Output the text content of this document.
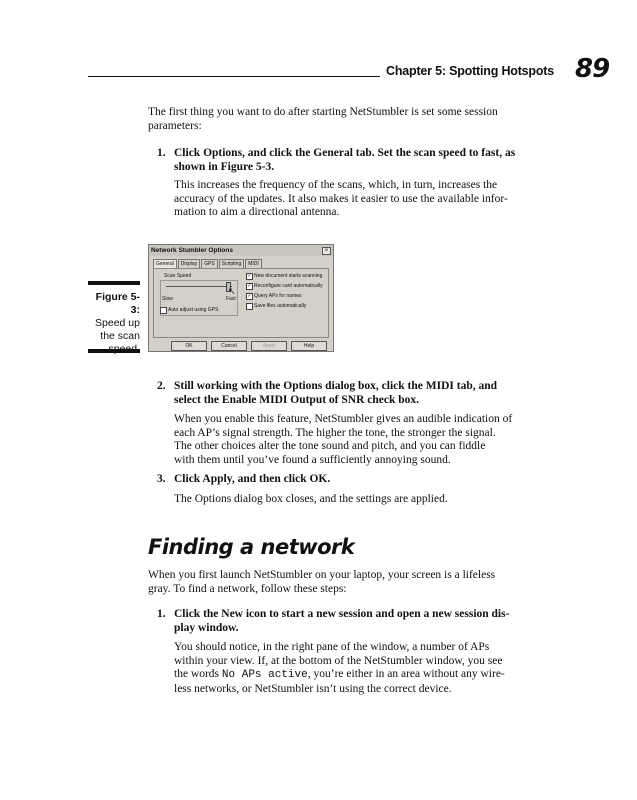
Chapter 5: Spotting Hotspots 89

The first thing you want to do after starting NetStumbler is set some session

parameters:

1. Click Options, and click the General tab. Set the scan speed to fast, as

shown in Figure 5-3.

This increases the frequency of the scans, which, in turn, increases the

accuracy of the updates. It also makes it easier to use the available infor-

mation to aim a directional antenna.

Figure 5-3:
Speed up
the scan
Network Stumbler Options	×
General	Display	GPS	Scripting	MIDI
Scan Speed
Slow	Fast
↖
Auto adjust using GPS
✓ New document starts scanning
✓ Reconfigure card automatically
✓ Query APs for names
Save files automatically
OK	Cancel	Apply	Help
2. Still working with the Options dialog box, click the MIDI tab, and

select the Enable MIDI Output of SNR check box.

When you enable this feature, NetStumbler gives an audible indication of

each AP’s signal strength. The higher the tone, the stronger the signal.

The other choices alter the tone sound and pitch, and you can fiddle

with them until you’ve found a sufficiently annoying sound.

3. Click Apply, and then click OK.

The Options dialog box closes, and the settings are applied.

Finding a network

When you first launch NetStumbler on your laptop, your screen is a lifeless

gray. To find a network, follow these steps:

1. Click the New icon to start a new session and open a new session dis-

play window.

You should notice, in the right pane of the window, a number of APs

within your view. If, at the bottom of the NetStumbler window, you see

the words No APs active, you’re either in an area without any wire-

less networks, or NetStumbler isn’t using the correct device.
